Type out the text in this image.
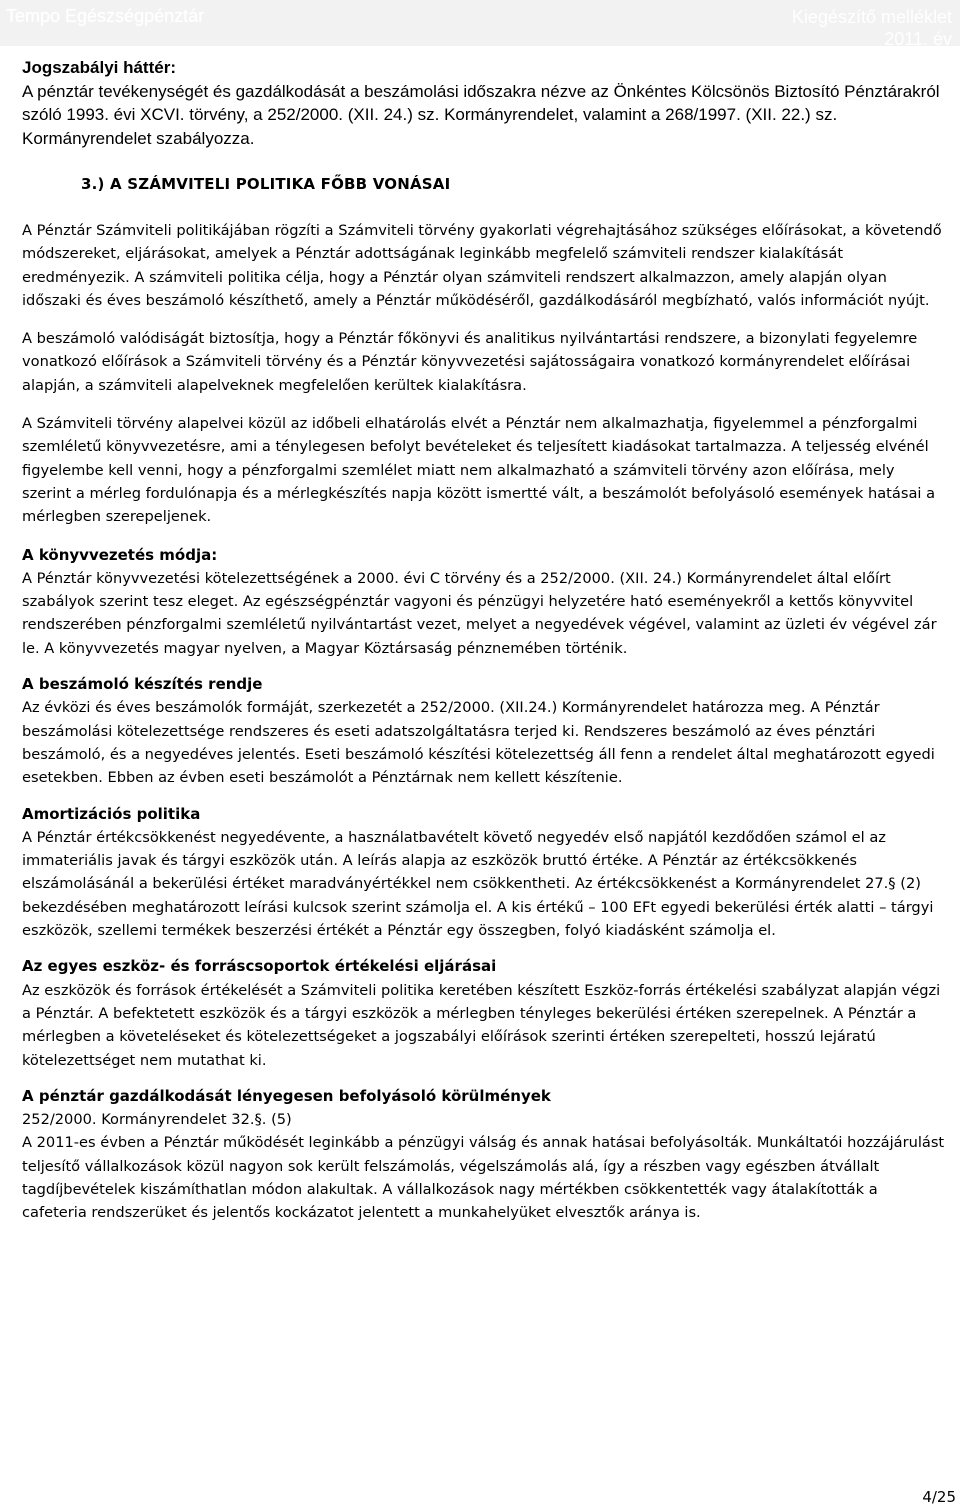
Tempo Egészségpénztár	Kiegészítő melléklet
2011. év
Jogszabályi háttér:
A pénztár tevékenységét és gazdálkodását a beszámolási időszakra nézve az Önkéntes Kölcsönös Biztosító Pénztárakról szóló 1993. évi XCVI. törvény, a 252/2000. (XII. 24.) sz. Kormányrendelet, valamint a 268/1997. (XII. 22.) sz. Kormányrendelet szabályozza.
3.) A SZÁMVITELI POLITIKA FŐBB VONÁSAI

A Pénztár Számviteli politikájában rögzíti a Számviteli törvény gyakorlati végrehajtásához szükséges előírásokat, a követendő módszereket, eljárásokat, amelyek a Pénztár adottságának leginkább megfelelő számviteli rendszer kialakítását eredményezik. A számviteli politika célja, hogy a Pénztár olyan számviteli rendszert alkalmazzon, amely alapján olyan időszaki és éves beszámoló készíthető, amely a Pénztár működéséről, gazdálkodásáról megbízható, valós információt nyújt.

A beszámoló valódiságát biztosítja, hogy a Pénztár főkönyvi és analitikus nyilvántartási rendszere, a bizonylati fegyelemre vonatkozó előírások a Számviteli törvény és a Pénztár könyvvezetési sajátosságaira vonatkozó kormányrendelet előírásai alapján, a számviteli alapelveknek megfelelően kerültek kialakításra.

A Számviteli törvény alapelvei közül az időbeli elhatárolás elvét a Pénztár nem alkalmazhatja, figyelemmel a pénzforgalmi szemléletű könyvvezetésre, ami a ténylegesen befolyt bevételeket és teljesített kiadásokat tartalmazza. A teljesség elvénél figyelembe kell venni, hogy a pénzforgalmi szemlélet miatt nem alkalmazható a számviteli törvény azon előírása, mely szerint a mérleg fordulónapja és a mérlegkészítés napja között ismertté vált, a beszámolót befolyásoló események hatásai a mérlegben szerepeljenek.

A könyvvezetés módja:
A Pénztár könyvvezetési kötelezettségének a 2000. évi C törvény és a 252/2000. (XII. 24.) Kormányrendelet által előírt szabályok szerint tesz eleget. Az egészségpénztár vagyoni és pénzügyi helyzetére ható eseményekről a kettős könyvvitel rendszerében pénzforgalmi szemléletű nyilvántartást vezet, melyet a negyedévek végével, valamint az üzleti év végével zár le. A könyvvezetés magyar nyelven, a Magyar Köztársaság pénznemében történik.
A beszámoló készítés rendje
Az évközi és éves beszámolók formáját, szerkezetét a 252/2000. (XII.24.) Kormányrendelet határozza meg. A Pénztár beszámolási kötelezettsége rendszeres és eseti adatszolgáltatásra terjed ki. Rendszeres beszámoló az éves pénztári beszámoló, és a negyedéves jelentés. Eseti beszámoló készítési kötelezettség áll fenn a rendelet által meghatározott egyedi esetekben. Ebben az évben eseti beszámolót a Pénztárnak nem kellett készítenie.
Amortizációs politika
A Pénztár értékcsökkenést negyedévente, a használatbavételt követő negyedév első napjától kezdődően számol el az immateriális javak és tárgyi eszközök után. A leírás alapja az eszközök bruttó értéke. A Pénztár az értékcsökkenés elszámolásánál a bekerülési értéket maradványértékkel nem csökkentheti. Az értékcsökkenést a Kormányrendelet 27.§ (2) bekezdésében meghatározott leírási kulcsok szerint számolja el. A kis értékű – 100 EFt egyedi bekerülési érték alatti – tárgyi eszközök, szellemi termékek beszerzési értékét a Pénztár egy összegben, folyó kiadásként számolja el.
Az egyes eszköz- és forráscsoportok értékelési eljárásai
Az eszközök és források értékelését a Számviteli politika keretében készített Eszköz-forrás értékelési szabályzat alapján végzi a Pénztár. A befektetett eszközök és a tárgyi eszközök a mérlegben tényleges bekerülési értéken szerepelnek. A Pénztár a mérlegben a követeléseket és kötelezettségeket a jogszabályi előírások szerinti értéken szerepelteti, hosszú lejáratú kötelezettséget nem mutathat ki.
A pénztár gazdálkodását lényegesen befolyásoló körülmények
252/2000. Kormányrendelet 32.§. (5)
A 2011-es évben a Pénztár működését leginkább a pénzügyi válság és annak hatásai befolyásolták. Munkáltatói hozzájárulást teljesítő vállalkozások közül nagyon sok került felszámolás, végelszámolás alá, így a részben vagy egészben átvállalt tagdíjbevételek kiszámíthatlan módon alakultak. A vállalkozások nagy mértékben csökkentették vagy átalakították a cafeteria rendszerüket és jelentős kockázatot jelentett a munkahelyüket elvesztők aránya is.
4/25
